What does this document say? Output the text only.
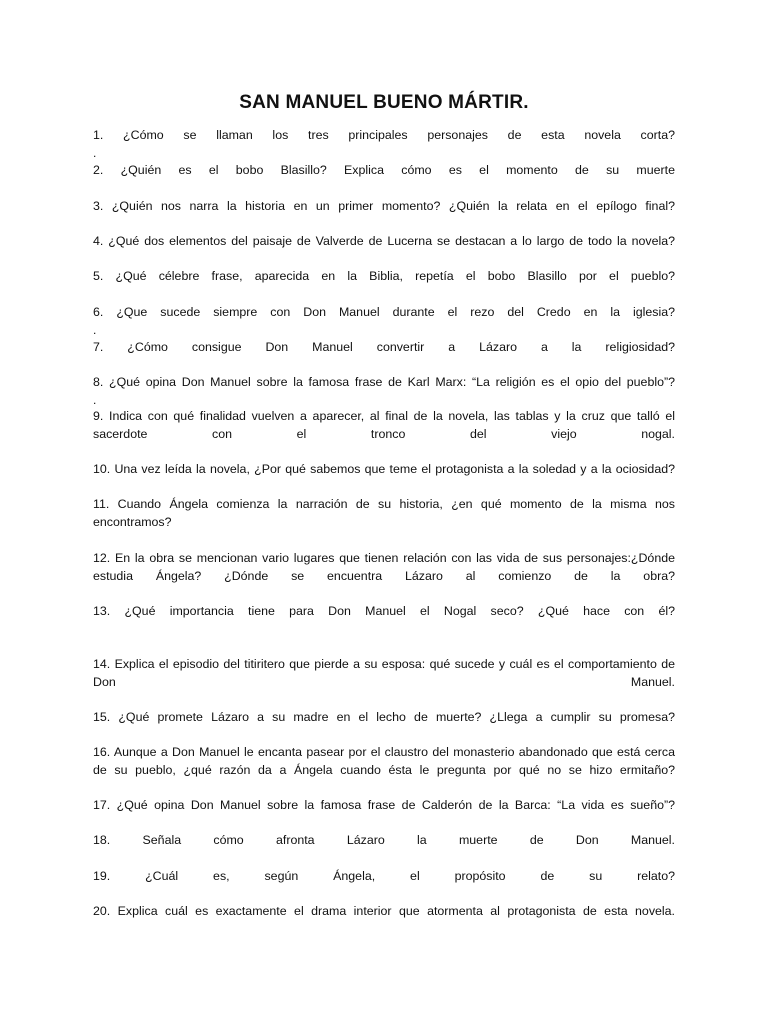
SAN MANUEL BUENO MÁRTIR.
1. ¿Cómo se llaman los tres principales personajes de esta novela corta?
.
2. ¿Quién es el bobo Blasillo? Explica cómo es el momento de su muerte
3. ¿Quién nos narra la historia en un primer momento? ¿Quién la relata en el epílogo final?
4. ¿Qué dos elementos del paisaje de Valverde de Lucerna se destacan a lo largo de todo la novela?
5. ¿Qué célebre frase, aparecida en la Biblia, repetía el bobo Blasillo por el pueblo?
6. ¿Que sucede siempre con Don Manuel durante el rezo del Credo en la iglesia?
.
7. ¿Cómo consigue Don Manuel convertir a Lázaro a la religiosidad?
8. ¿Qué opina Don Manuel sobre la famosa frase de Karl Marx: “La religión es el opio del pueblo”?
.
9. Indica con qué finalidad vuelven a aparecer, al final de la novela, las tablas y la cruz que talló el sacerdote con el tronco del viejo nogal.
10. Una vez leída la novela, ¿Por qué sabemos que teme el protagonista a la soledad y a la ociosidad?
11. Cuando Ángela comienza la narración de su historia, ¿en qué momento de la misma nos encontramos?
12. En la obra se mencionan vario lugares que tienen relación con las vida de sus personajes:¿Dónde estudia Ángela? ¿Dónde se encuentra Lázaro al comienzo de la obra?
13. ¿Qué importancia tiene para Don Manuel el Nogal seco? ¿Qué hace con él?
14. Explica el episodio del titiritero que pierde a su esposa: qué sucede y cuál es el comportamiento de Don Manuel.
15. ¿Qué promete Lázaro a su madre en el lecho de muerte? ¿Llega a cumplir su promesa?
16. Aunque a Don Manuel le encanta pasear por el claustro del monasterio abandonado que está cerca de su pueblo, ¿qué razón da a Ángela cuando ésta le pregunta por qué no se hizo ermitaño?
17. ¿Qué opina Don Manuel sobre la famosa frase de Calderón de la Barca: “La vida es sueño”?
18. Señala cómo afronta Lázaro la muerte de Don Manuel.
19. ¿Cuál es, según Ángela, el propósito de su relato?
20. Explica cuál es exactamente el drama interior que atormenta al protagonista de esta novela.
